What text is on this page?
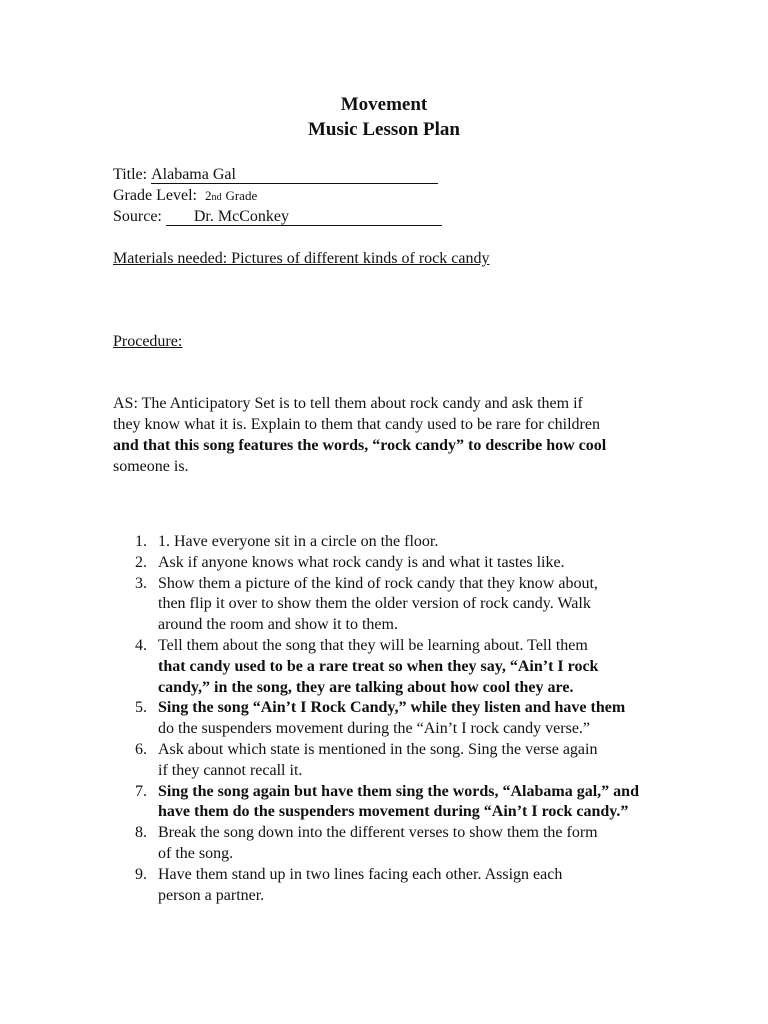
Movement
Music Lesson Plan
Title: Alabama Gal
Grade Level: 2nd Grade
Source: Dr. McConkey
Materials needed: Pictures of different kinds of rock candy
Procedure:
AS: The Anticipatory Set is to tell them about rock candy and ask them if
they know what it is. Explain to them that candy used to be rare for children
and that this song features the words, “rock candy” to describe how cool
someone is.
1. 1. Have everyone sit in a circle on the floor.
2. Ask if anyone knows what rock candy is and what it tastes like.
3. Show them a picture of the kind of rock candy that they know about,
then flip it over to show them the older version of rock candy. Walk
around the room and show it to them.
4. Tell them about the song that they will be learning about. Tell them
that candy used to be a rare treat so when they say, “Ain’t I rock
candy,” in the song, they are talking about how cool they are.
5. Sing the song “Ain’t I Rock Candy,” while they listen and have them
do the suspenders movement during the “Ain’t I rock candy verse.”
6. Ask about which state is mentioned in the song. Sing the verse again
if they cannot recall it.
7. Sing the song again but have them sing the words, “Alabama gal,” and
have them do the suspenders movement during “Ain’t I rock candy.”
8. Break the song down into the different verses to show them the form
of the song.
9. Have them stand up in two lines facing each other. Assign each
person a partner.
